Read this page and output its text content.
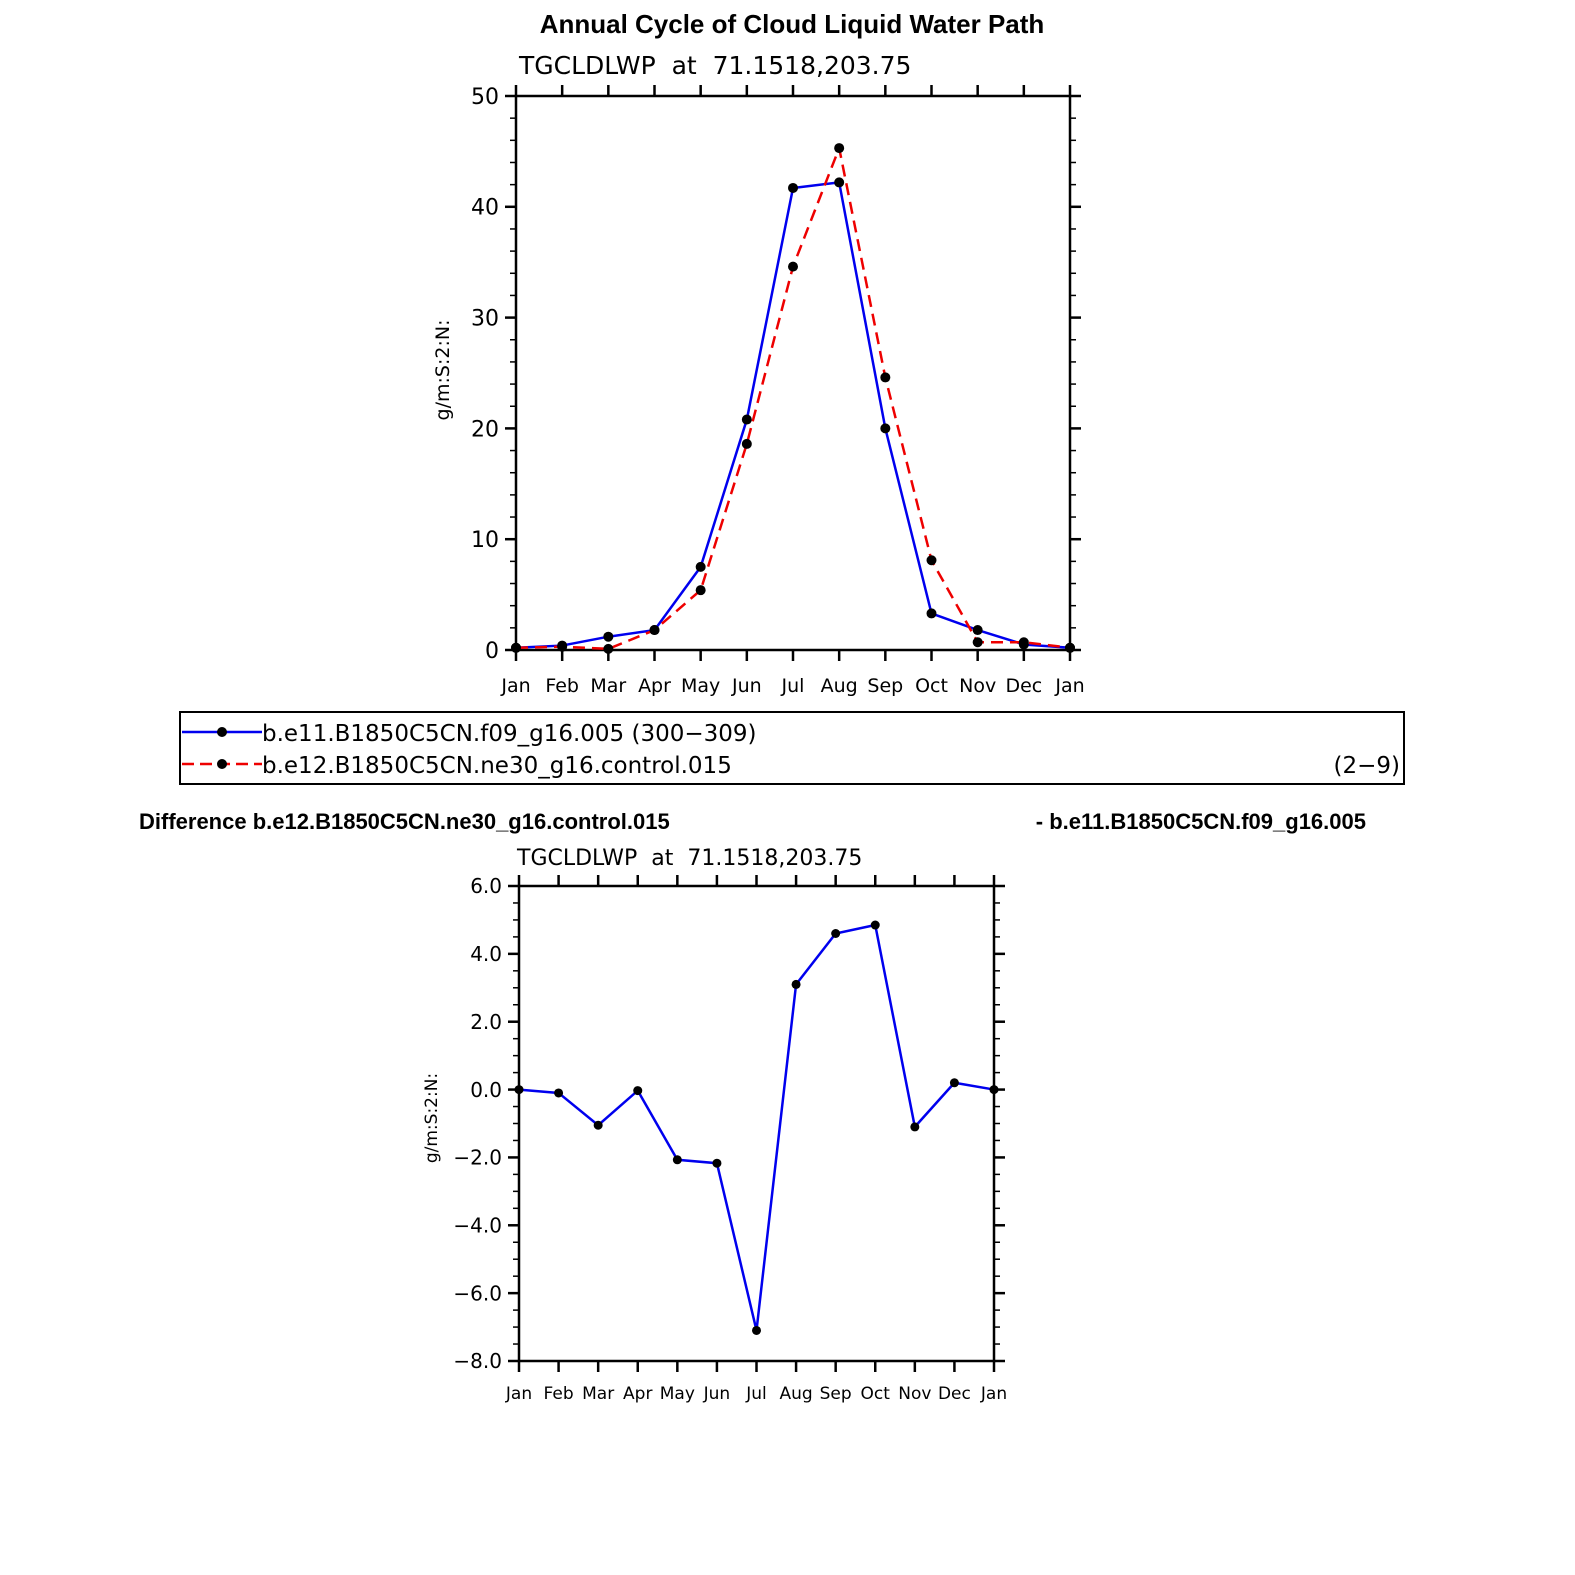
Annual Cycle of Cloud Liquid Water Path
TGCLDLWP  at  71.1518,203.75
g/m:S:2:N:
Jan Feb Mar Apr May Jun Jul Aug Sep Oct Nov Dec Jan
0
10
20
30
40
50
b.e11.B1850C5CN.f09_g16.005 (300−309)
b.e12.B1850C5CN.ne30_g16.control.015	(2−9)
Difference b.e12.B1850C5CN.ne30_g16.control.015	- b.e11.B1850C5CN.f09_g16.005
TGCLDLWP  at  71.1518,203.75
g/m:S:2:N:
Jan Feb Mar Apr May Jun Jul Aug Sep Oct Nov Dec Jan
−8.0
−6.0
−4.0
−2.0
0.0
2.0
4.0
6.0
